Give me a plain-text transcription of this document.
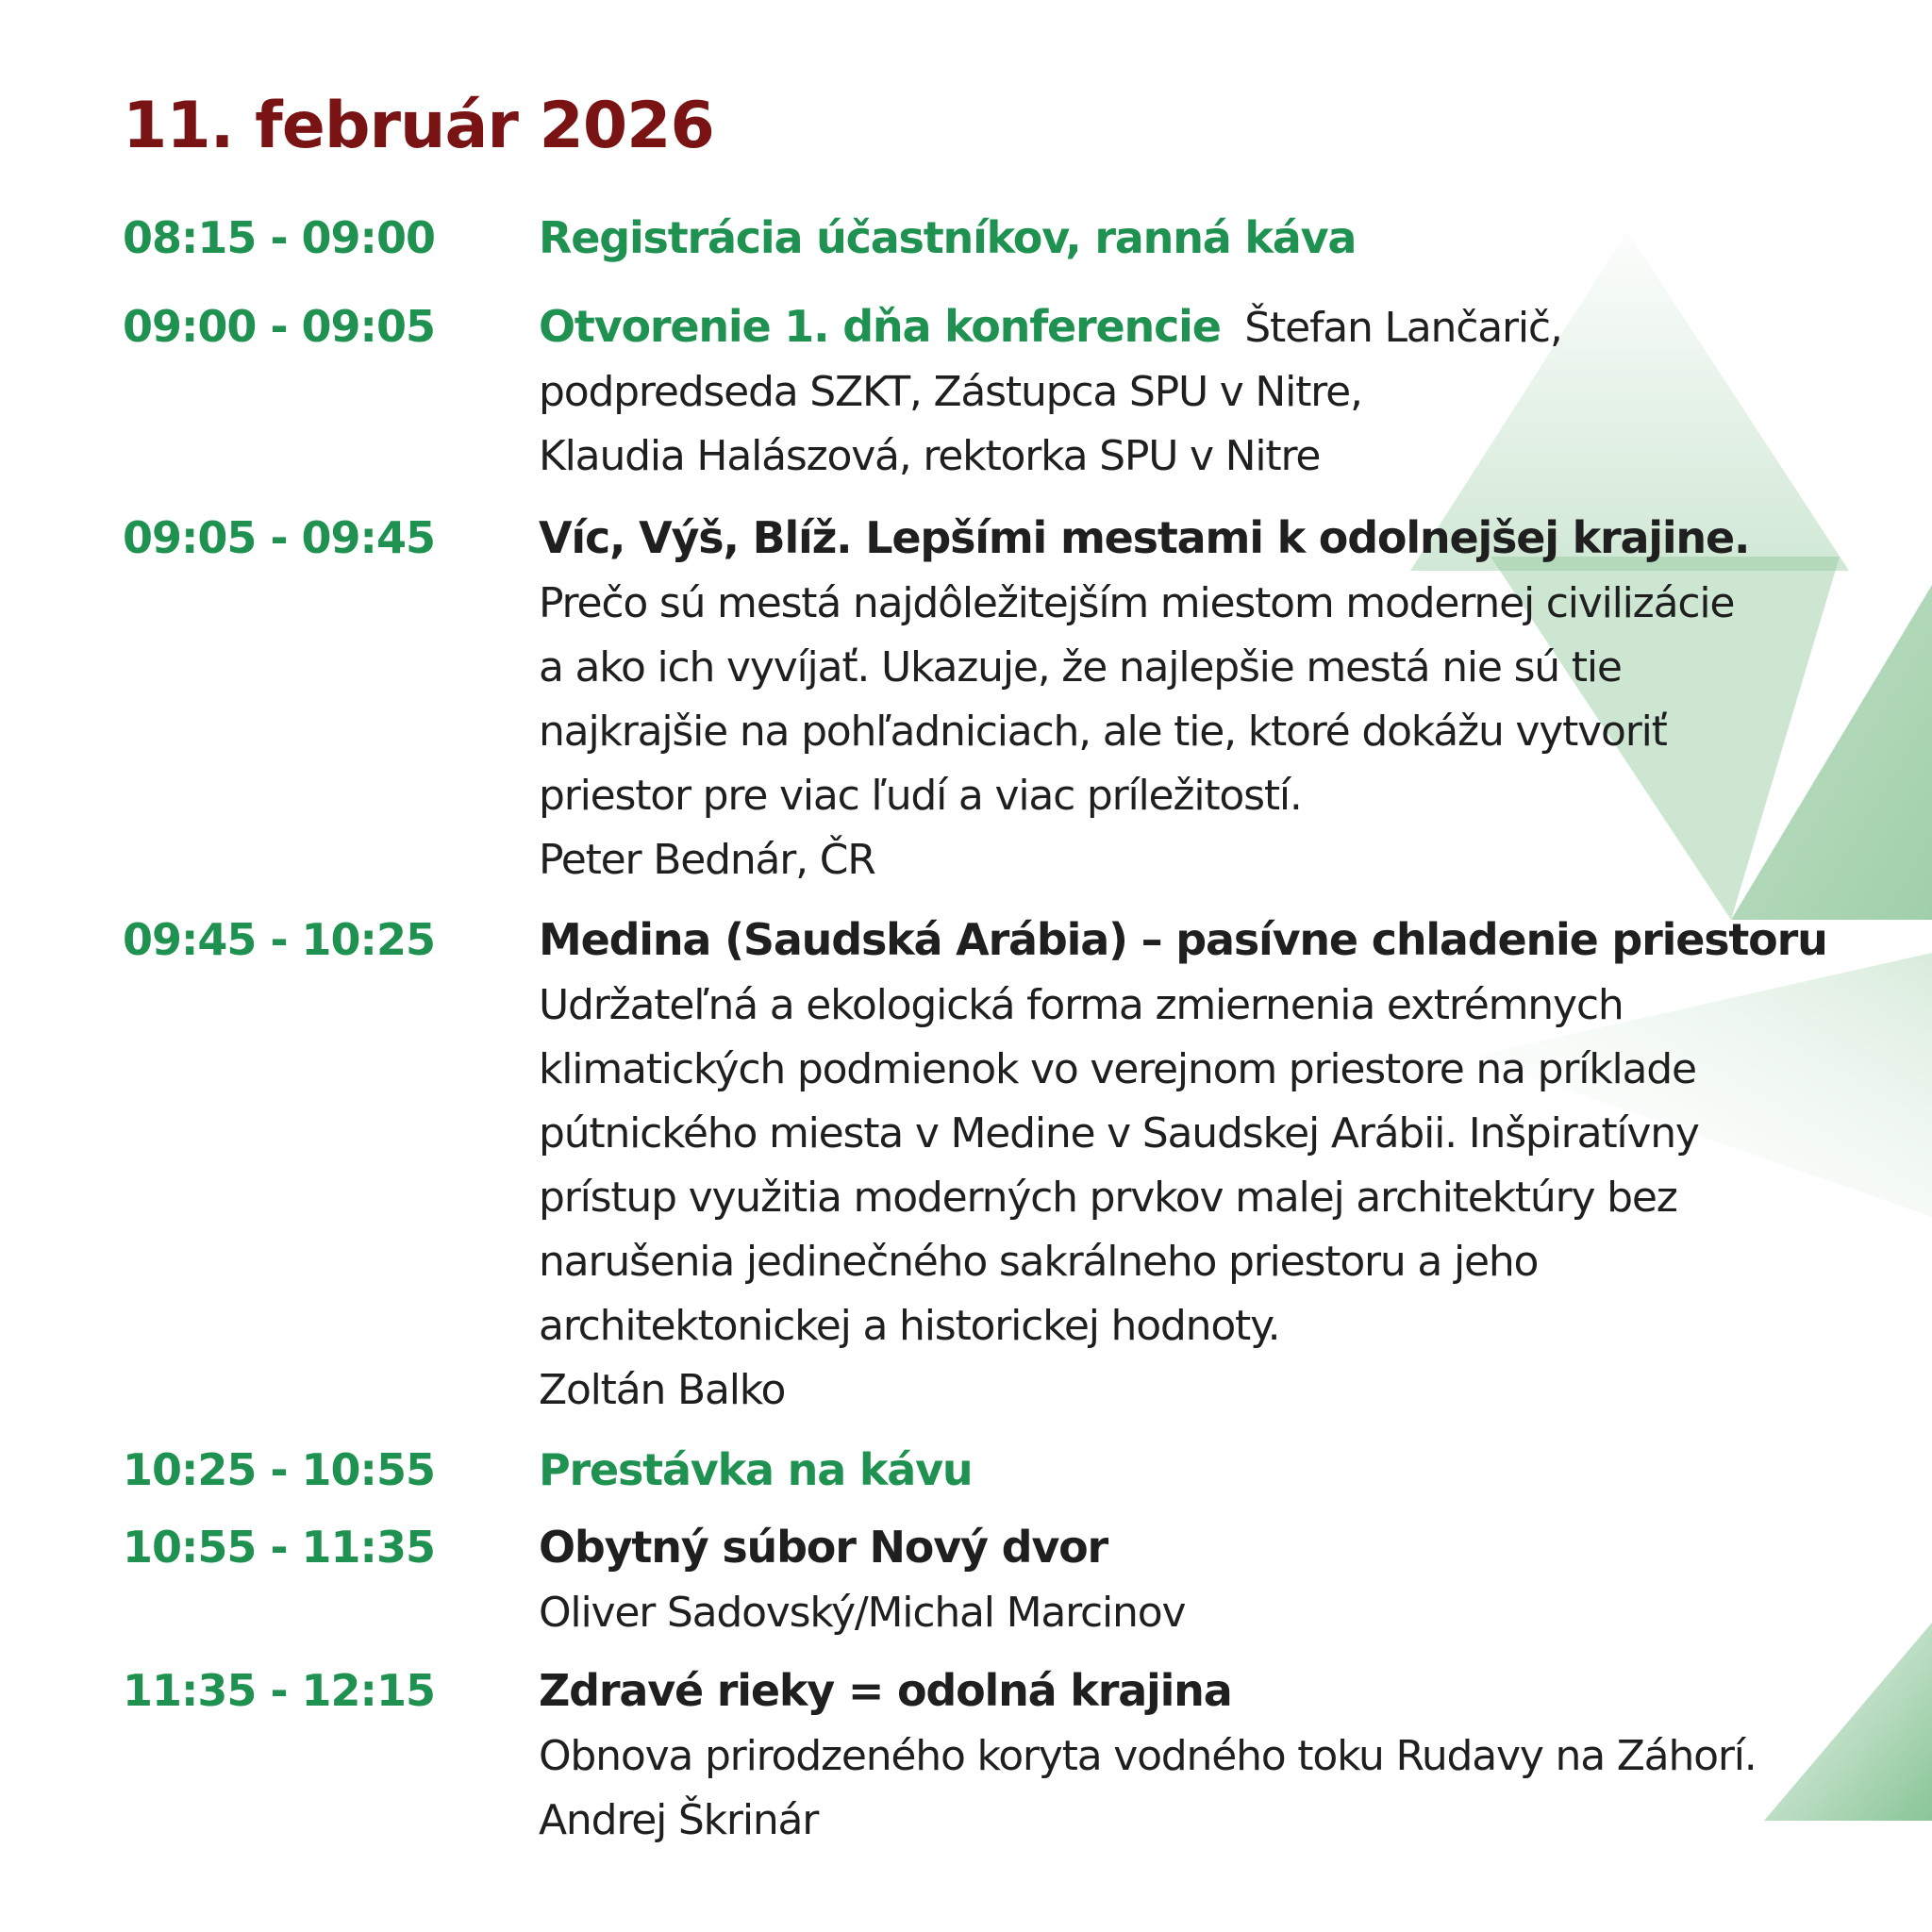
11. február 2026
08:15 - 09:00	Registrácia účastníkov, ranná káva
09:00 - 09:05	Otvorenie 1. dňa konferencie Štefan Lančarič,
podpredseda SZKT, Zástupca SPU v Nitre,
Klaudia Halászová, rektorka SPU v Nitre
09:05 - 09:45	Víc, Výš, Blíž. Lepšími mestami k odolnejšej krajine.
Prečo sú mestá najdôležitejším miestom modernej civilizácie
a ako ich vyvíjať. Ukazuje, že najlepšie mestá nie sú tie
najkrajšie na pohľadniciach, ale tie, ktoré dokážu vytvoriť
priestor pre viac ľudí a viac príležitostí.
Peter Bednár, ČR
09:45 - 10:25	Medina (Saudská Arábia) – pasívne chladenie priestoru
Udržateľná a ekologická forma zmiernenia extrémnych
klimatických podmienok vo verejnom priestore na príklade
pútnického miesta v Medine v Saudskej Arábii. Inšpiratívny
prístup využitia moderných prvkov malej architektúry bez
narušenia jedinečného sakrálneho priestoru a jeho
architektonickej a historickej hodnoty.
Zoltán Balko
10:25 - 10:55	Prestávka na kávu
10:55 - 11:35	Obytný súbor Nový dvor
Oliver Sadovský/Michal Marcinov
11:35 - 12:15	Zdravé rieky = odolná krajina
Obnova prirodzeného koryta vodného toku Rudavy na Záhorí.
Andrej Škrinár
